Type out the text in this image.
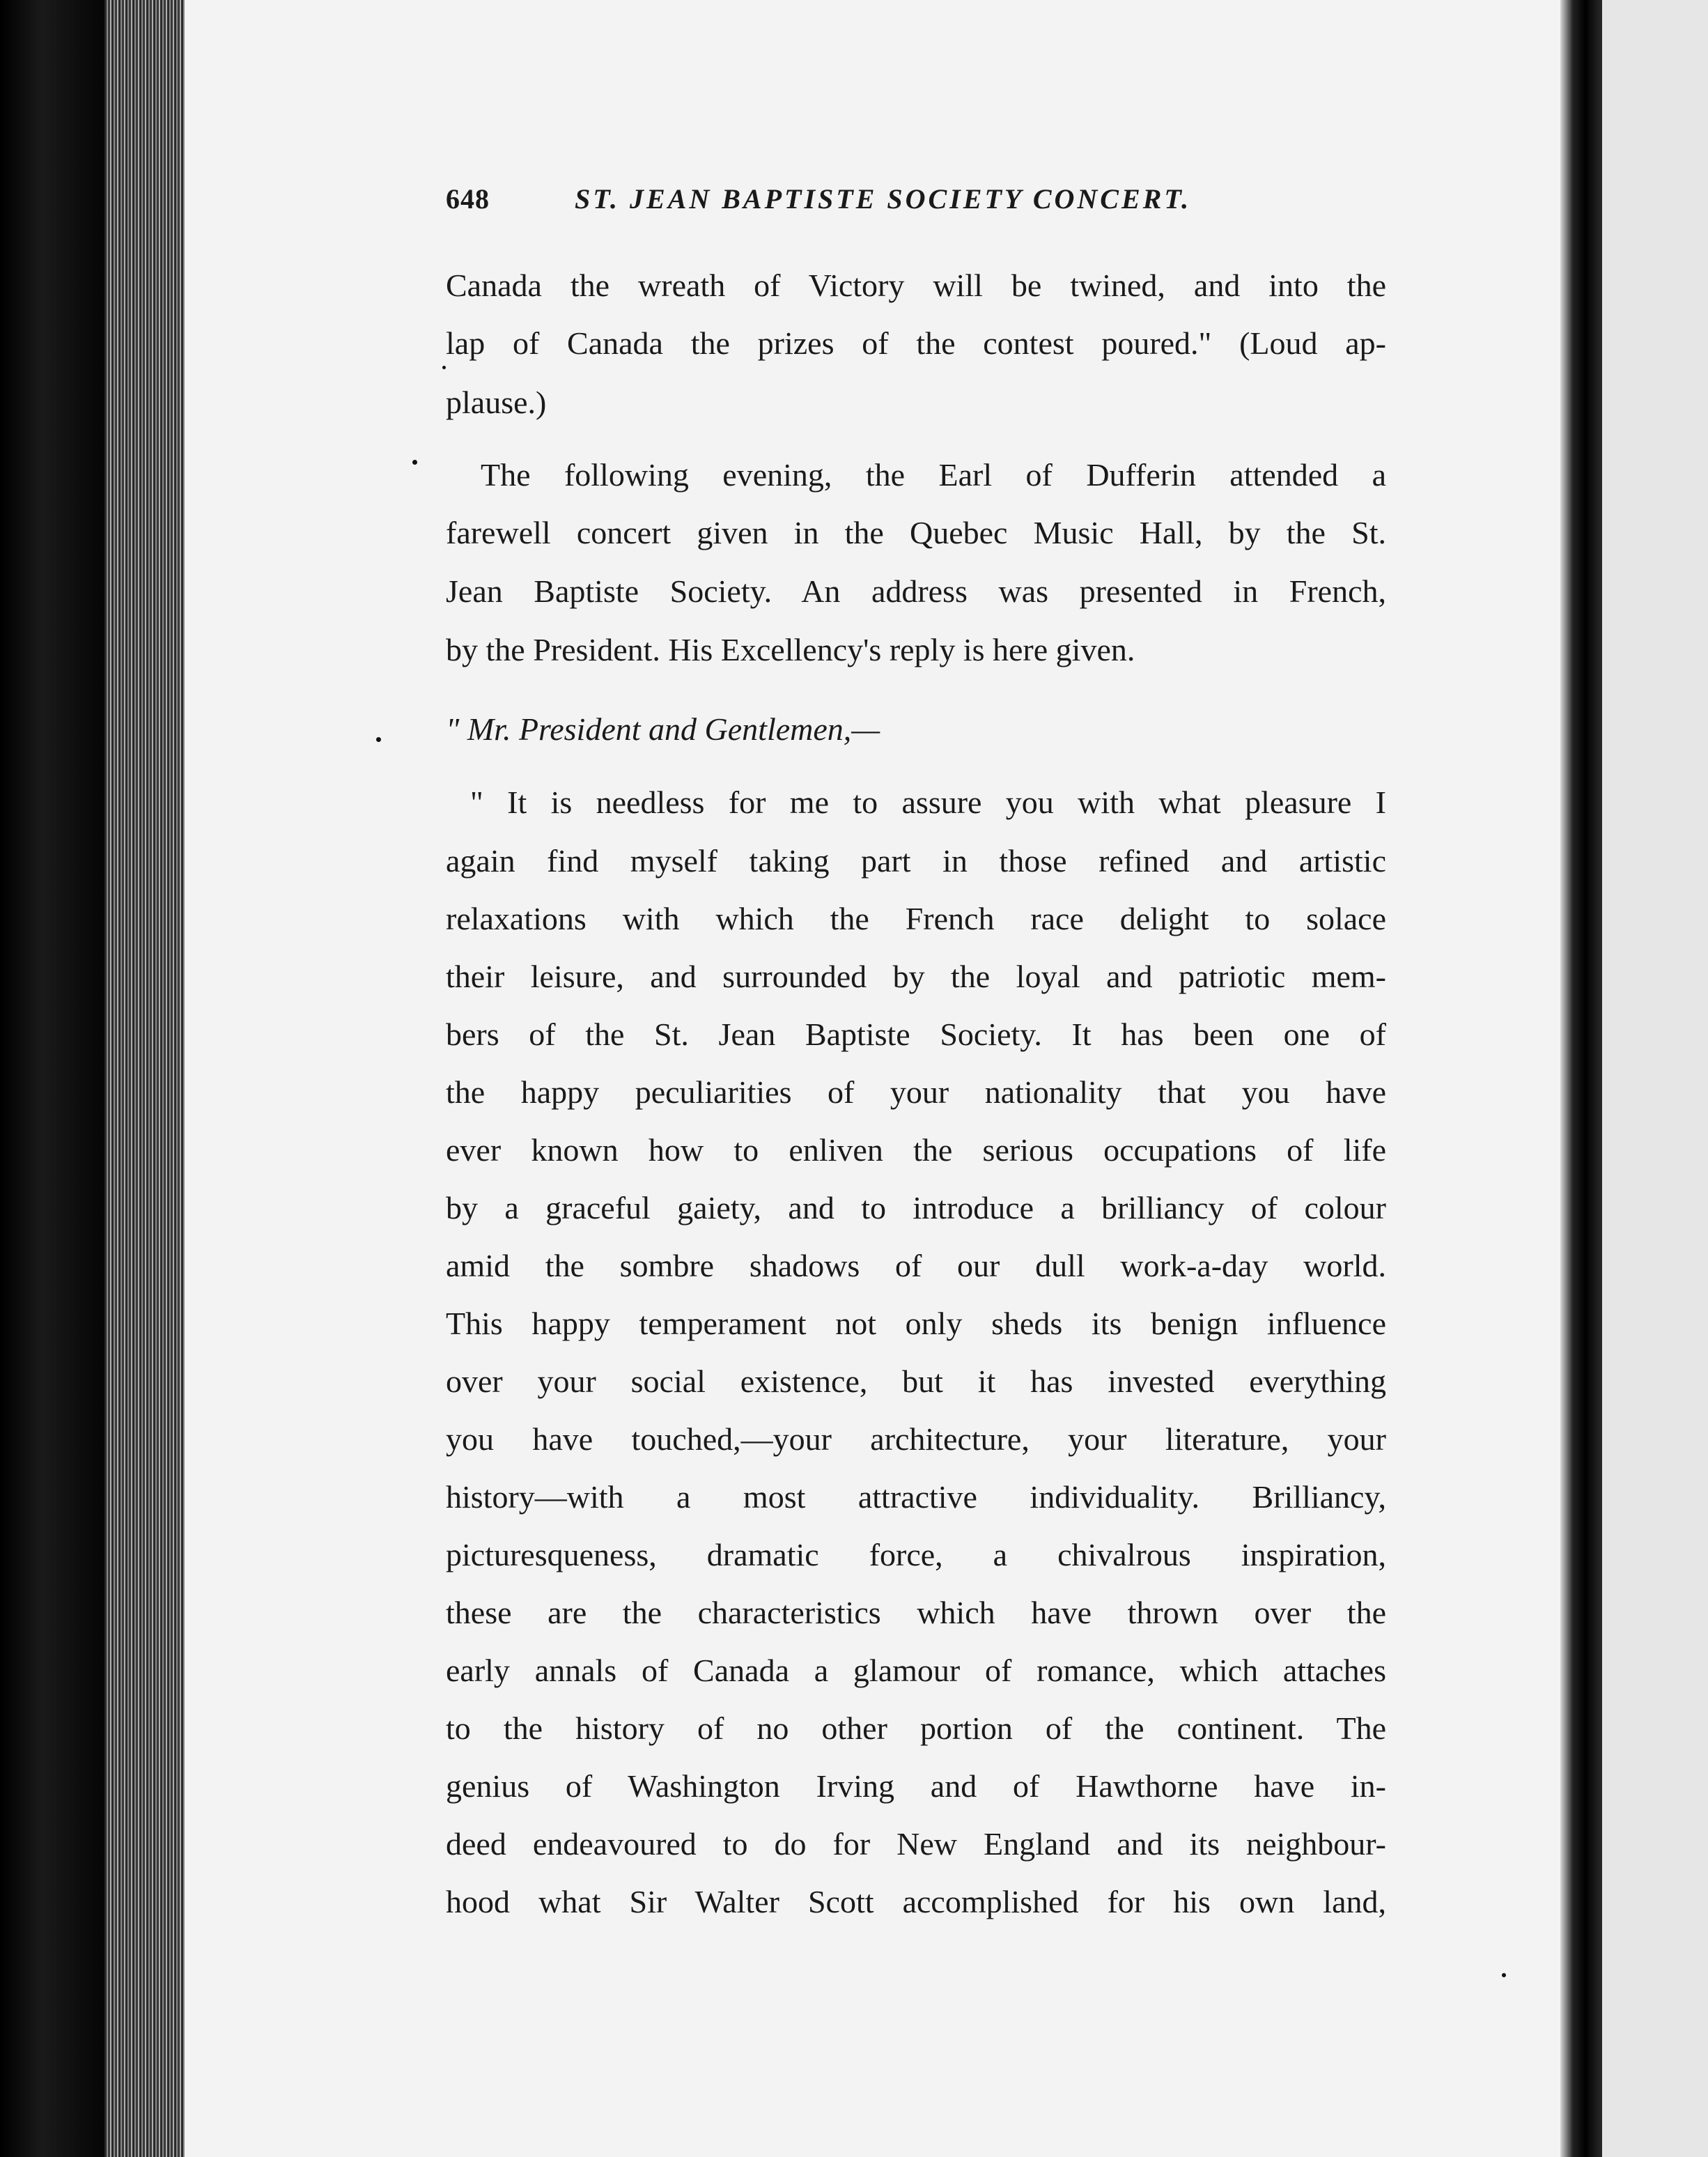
648	ST. JEAN BAPTISTE SOCIETY CONCERT.
Canada the wreath of Victory will be twined, and into the
lap of Canada the prizes of the contest poured." (Loud ap-
plause.)
The following evening, the Earl of Dufferin attended a
farewell concert given in the Quebec Music Hall, by the St.
Jean Baptiste Society. An address was presented in French,
by the President. His Excellency's reply is here given.
" Mr. President and Gentlemen,—
" It is needless for me to assure you with what pleasure I
again find myself taking part in those refined and artistic
relaxations with which the French race delight to solace
their leisure, and surrounded by the loyal and patriotic mem-
bers of the St. Jean Baptiste Society. It has been one of
the happy peculiarities of your nationality that you have
ever known how to enliven the serious occupations of life
by a graceful gaiety, and to introduce a brilliancy of colour
amid the sombre shadows of our dull work-a-day world.
This happy temperament not only sheds its benign influence
over your social existence, but it has invested everything
you have touched,—your architecture, your literature, your
history—with a most attractive individuality. Brilliancy,
picturesqueness, dramatic force, a chivalrous inspiration,
these are the characteristics which have thrown over the
early annals of Canada a glamour of romance, which attaches
to the history of no other portion of the continent. The
genius of Washington Irving and of Hawthorne have in-
deed endeavoured to do for New England and its neighbour-
hood what Sir Walter Scott accomplished for his own land,
